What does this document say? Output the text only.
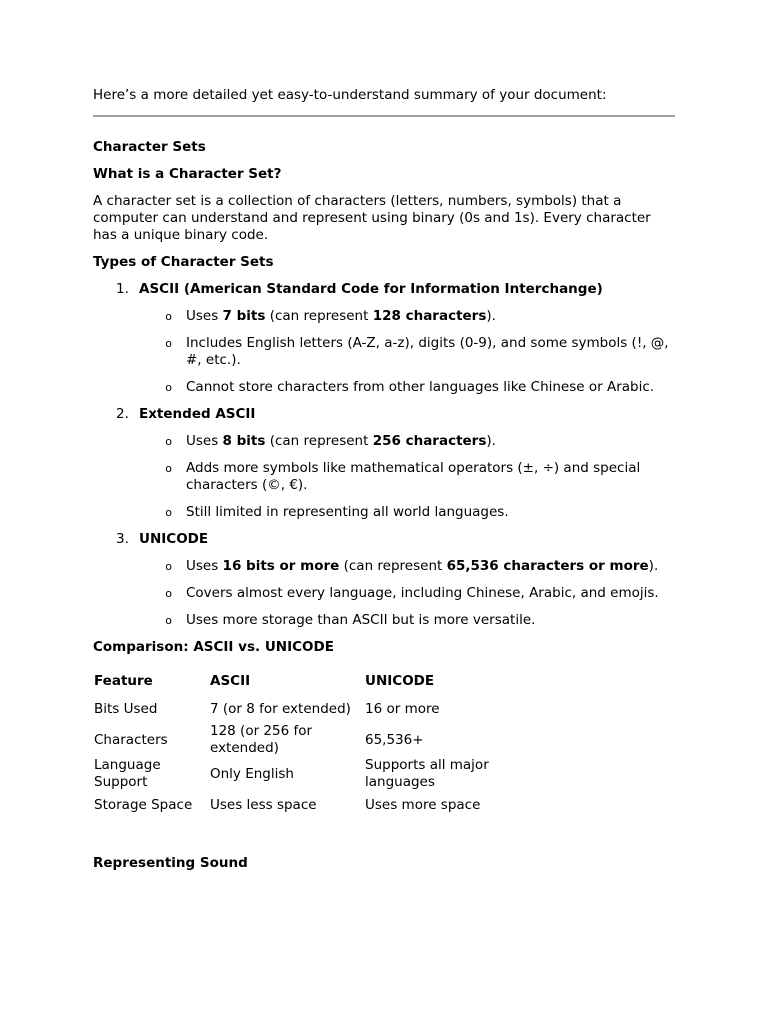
Here’s a more detailed yet easy-to-understand summary of your document:

Character Sets
What is a Character Set?

A character set is a collection of characters (letters, numbers, symbols) that a computer can understand and represent using binary (0s and 1s). Every character has a unique binary code.

Types of Character Sets
1. ASCII (American Standard Code for Information Interchange)
o	Uses 7 bits (can represent 128 characters).
o	Includes English letters (A-Z, a-z), digits (0-9), and some symbols (!, @, #, etc.).
o	Cannot store characters from other languages like Chinese or Arabic.
2. Extended ASCII
o	Uses 8 bits (can represent 256 characters).
o	Adds more symbols like mathematical operators (±, ÷) and special characters (©, €).
o	Still limited in representing all world languages.
3. UNICODE
o	Uses 16 bits or more (can represent 65,536 characters or more).
o	Covers almost every language, including Chinese, Arabic, and emojis.
o	Uses more storage than ASCII but is more versatile.
Comparison: ASCII vs. UNICODE
Feature	ASCII	UNICODE
Bits Used	7 (or 8 for extended)	16 or more
Characters	128 (or 256 for extended)	65,536+
Language Support	Only English	Supports all major languages
Storage Space	Uses less space	Uses more space
Representing Sound
